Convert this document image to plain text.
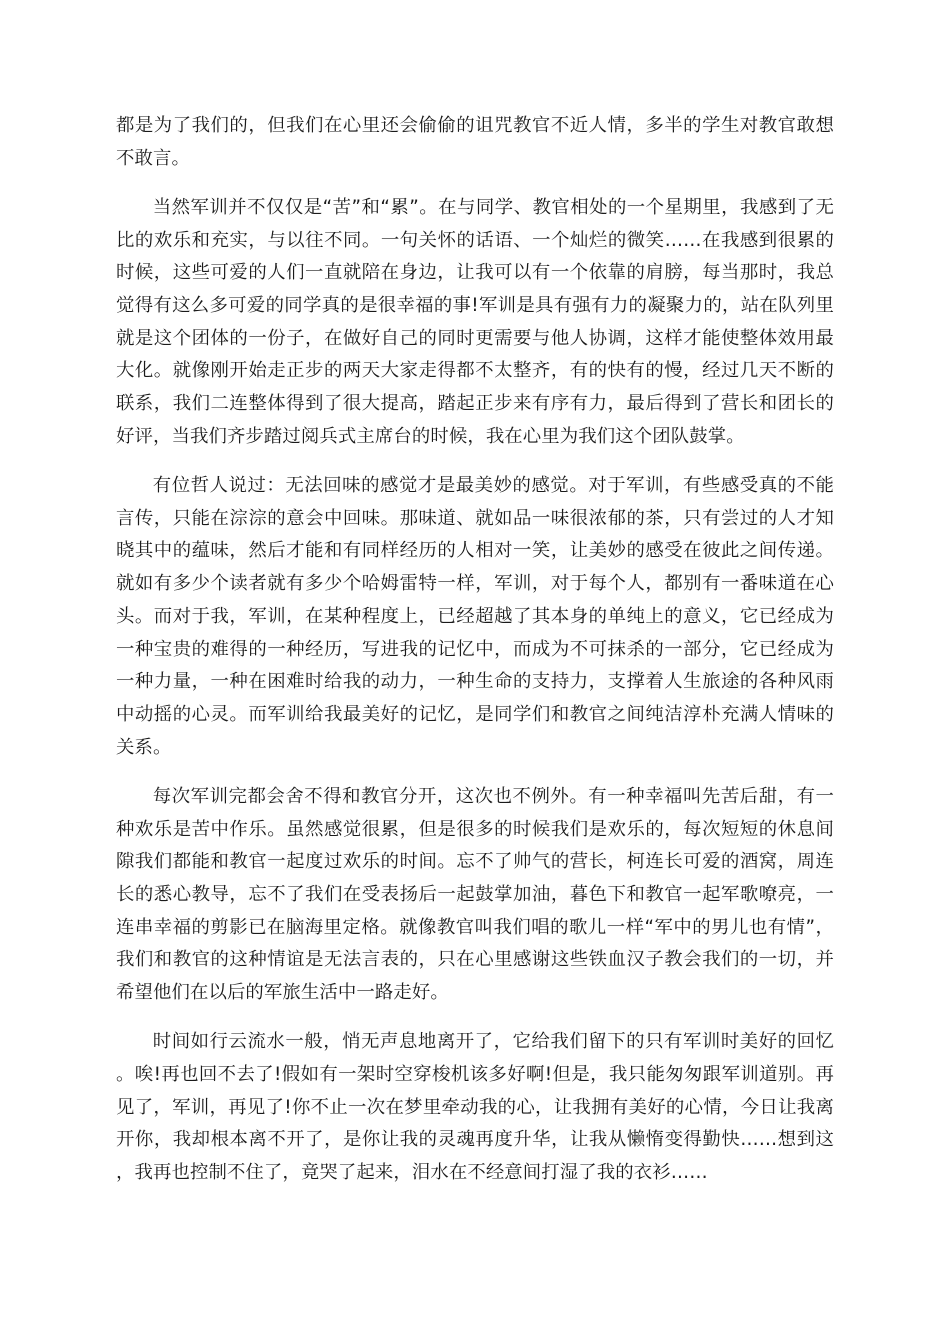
都是为了我们的，但我们在心里还会偷偷的诅咒教官不近人情，多半的学生对教官敢想不敢言。

当然军训并不仅仅是“苦”和“累”。在与同学、教官相处的一个星期里，我感到了无比的欢乐和充实，与以往不同。一句关怀的话语、一个灿烂的微笑……在我感到很累的时候，这些可爱的人们一直就陪在身边，让我可以有一个依靠的肩膀，每当那时，我总觉得有这么多可爱的同学真的是很幸福的事!军训是具有强有力的凝聚力的，站在队列里就是这个团体的一份子，在做好自己的同时更需要与他人协调，这样才能使整体效用最大化。就像刚开始走正步的两天大家走得都不太整齐，有的快有的慢，经过几天不断的联系，我们二连整体得到了很大提高，踏起正步来有序有力，最后得到了营长和团长的好评，当我们齐步踏过阅兵式主席台的时候，我在心里为我们这个团队鼓掌。

有位哲人说过：无法回味的感觉才是最美妙的感觉。对于军训，有些感受真的不能言传，只能在淙淙的意会中回味。那味道、就如品一味很浓郁的茶，只有尝过的人才知晓其中的蕴味，然后才能和有同样经历的人相对一笑，让美妙的感受在彼此之间传递。就如有多少个读者就有多少个哈姆雷特一样，军训，对于每个人，都别有一番味道在心头。而对于我，军训，在某种程度上，已经超越了其本身的单纯上的意义，它已经成为一种宝贵的难得的一种经历，写进我的记忆中，而成为不可抹杀的一部分，它已经成为一种力量，一种在困难时给我的动力，一种生命的支持力，支撑着人生旅途的各种风雨中动摇的心灵。而军训给我最美好的记忆，是同学们和教官之间纯洁淳朴充满人情味的关系。

每次军训完都会舍不得和教官分开，这次也不例外。有一种幸福叫先苦后甜，有一种欢乐是苦中作乐。虽然感觉很累，但是很多的时候我们是欢乐的，每次短短的休息间隙我们都能和教官一起度过欢乐的时间。忘不了帅气的营长，柯连长可爱的酒窝，周连长的悉心教导，忘不了我们在受表扬后一起鼓掌加油，暮色下和教官一起军歌嘹亮，一连串幸福的剪影已在脑海里定格。就像教官叫我们唱的歌儿一样“军中的男儿也有情”，我们和教官的这种情谊是无法言表的，只在心里感谢这些铁血汉子教会我们的一切，并希望他们在以后的军旅生活中一路走好。

时间如行云流水一般，悄无声息地离开了，它给我们留下的只有军训时美好的回忆。唉!再也回不去了!假如有一架时空穿梭机该多好啊!但是，我只能匆匆跟军训道别。再见了，军训，再见了!你不止一次在梦里牵动我的心，让我拥有美好的心情，今日让我离开你，我却根本离不开了，是你让我的灵魂再度升华，让我从懒惰变得勤快……想到这，我再也控制不住了，竟哭了起来，泪水在不经意间打湿了我的衣衫……
